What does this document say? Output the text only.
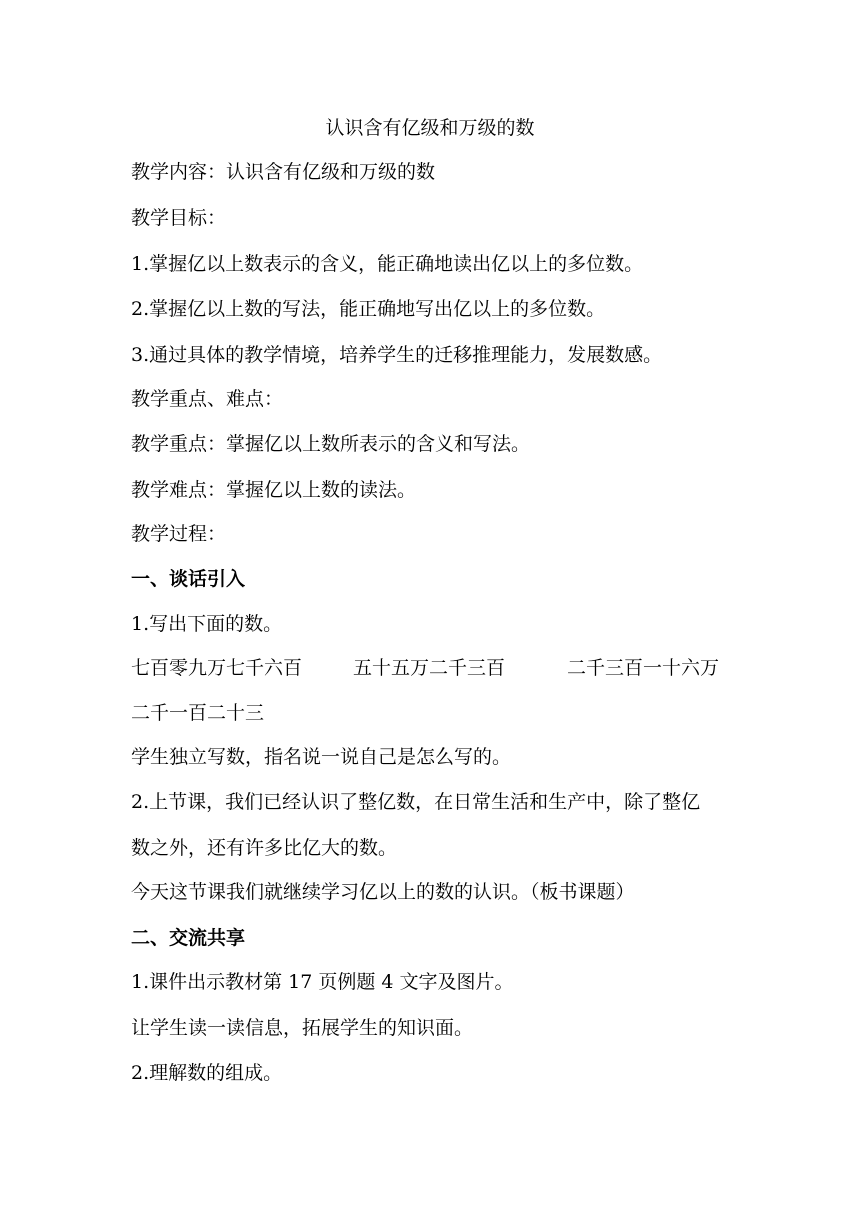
认识含有亿级和万级的数
教学内容：认识含有亿级和万级的数
教学目标：
1.掌握亿以上数表示的含义，能正确地读出亿以上的多位数。
2.掌握亿以上数的写法，能正确地写出亿以上的多位数。
3.通过具体的教学情境，培养学生的迁移推理能力，发展数感。
教学重点、难点：
教学重点：掌握亿以上数所表示的含义和写法。
教学难点：掌握亿以上数的读法。
教学过程：
一、谈话引入
1.写出下面的数。
七百零九万七千六百	五十五万二千三百	二千三百一十六万
二千一百二十三
学生独立写数，指名说一说自己是怎么写的。
2.上节课，我们已经认识了整亿数，在日常生活和生产中，除了整亿
数之外，还有许多比亿大的数。
今天这节课我们就继续学习亿以上的数的认识。（板书课题）
二、交流共享
1.课件出示教材第 17 页例题 4 文字及图片。
让学生读一读信息，拓展学生的知识面。
2.理解数的组成。
